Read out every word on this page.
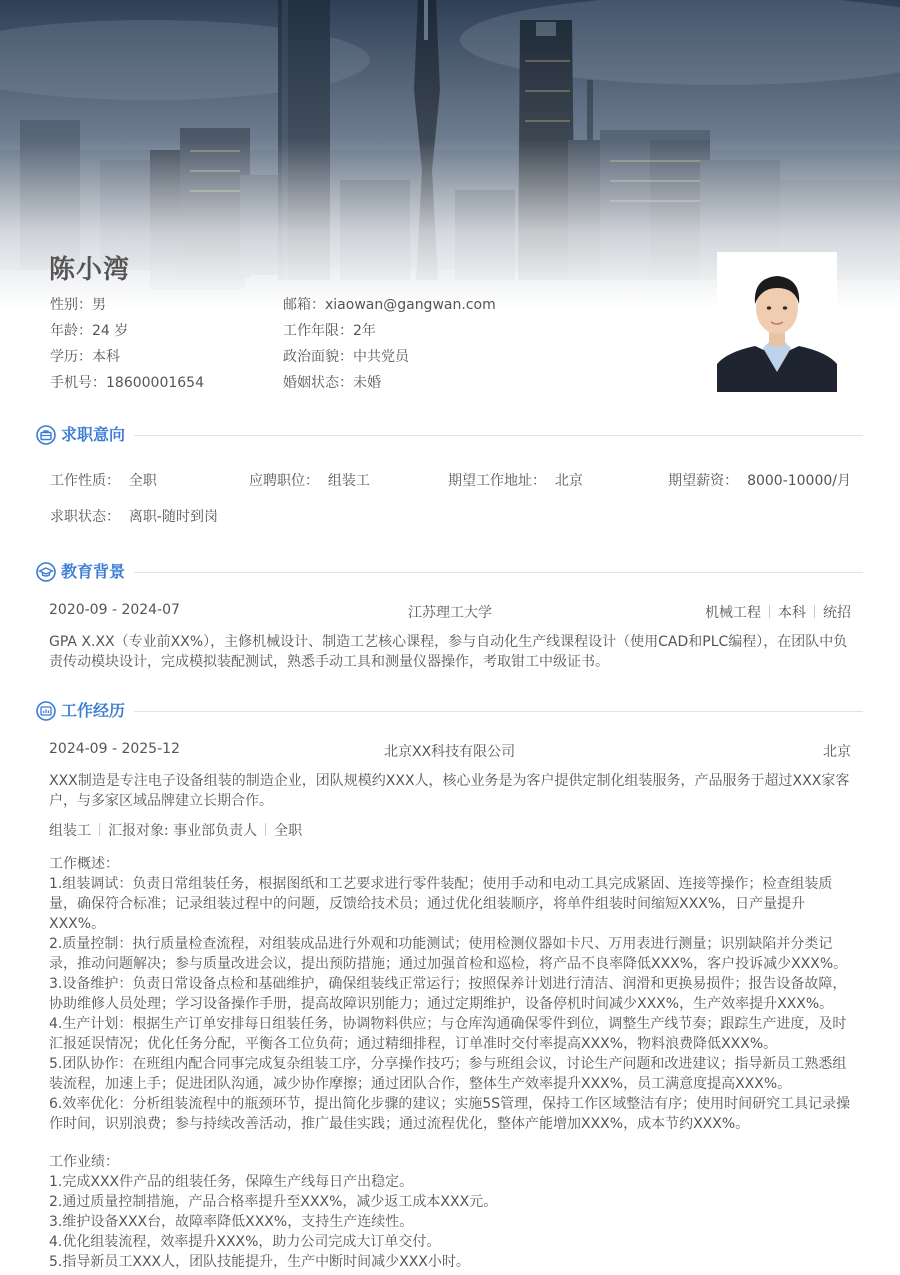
陈小湾
性别：男
年龄：24 岁
学历：本科
手机号：18600001654
邮箱：xiaowan@gangwan.com
工作年限：2年
政治面貌：中共党员
婚姻状态：未婚
求职意向
工作性质： 全职	应聘职位： 组装工	期望工作地址： 北京	期望薪资： 8000-10000/月
求职状态： 离职-随时到岗
教育背景
2020-09 - 2024-07	江苏理工大学	机械工程 本科 统招
GPA X.XX（专业前XX%），主修机械设计、制造工艺核心课程，参与自动化生产线课程设计（使用CAD和PLC编程），在团队中负责传动模块设计，完成模拟装配测试，熟悉手动工具和测量仪器操作，考取钳工中级证书。
工作经历
2024-09 - 2025-12	北京XX科技有限公司	北京
XXX制造是专注电子设备组装的制造企业，团队规模约XXX人，核心业务是为客户提供定制化组装服务，产品服务于超过XXX家客户，与多家区域品牌建立长期合作。
组装工 汇报对象: 事业部负责人 全职
工作概述：
1.组装调试：负责日常组装任务，根据图纸和工艺要求进行零件装配；使用手动和电动工具完成紧固、连接等操作；检查组装质量，确保符合标准；记录组装过程中的问题，反馈给技术员；通过优化组装顺序，将单件组装时间缩短XXX%，日产量提升XXX%。
2.质量控制：执行质量检查流程，对组装成品进行外观和功能测试；使用检测仪器如卡尺、万用表进行测量；识别缺陷并分类记录，推动问题解决；参与质量改进会议，提出预防措施；通过加强首检和巡检，将产品不良率降低XXX%，客户投诉减少XXX%。
3.设备维护：负责日常设备点检和基础维护，确保组装线正常运行；按照保养计划进行清洁、润滑和更换易损件；报告设备故障，协助维修人员处理；学习设备操作手册，提高故障识别能力；通过定期维护，设备停机时间减少XXX%，生产效率提升XXX%。
4.生产计划：根据生产订单安排每日组装任务，协调物料供应；与仓库沟通确保零件到位，调整生产线节奏；跟踪生产进度，及时汇报延误情况；优化任务分配，平衡各工位负荷；通过精细排程，订单准时交付率提高XXX%，物料浪费降低XXX%。
5.团队协作：在班组内配合同事完成复杂组装工序，分享操作技巧；参与班组会议，讨论生产问题和改进建议；指导新员工熟悉组装流程，加速上手；促进团队沟通，减少协作摩擦；通过团队合作，整体生产效率提升XXX%，员工满意度提高XXX%。
6.效率优化：分析组装流程中的瓶颈环节，提出简化步骤的建议；实施5S管理，保持工作区域整洁有序；使用时间研究工具记录操作时间，识别浪费；参与持续改善活动，推广最佳实践；通过流程优化，整体产能增加XXX%，成本节约XXX%。
工作业绩：
1.完成XXX件产品的组装任务，保障生产线每日产出稳定。
2.通过质量控制措施，产品合格率提升至XXX%，减少返工成本XXX元。
3.维护设备XXX台，故障率降低XXX%，支持生产连续性。
4.优化组装流程，效率提升XXX%，助力公司完成大订单交付。
5.指导新员工XXX人，团队技能提升，生产中断时间减少XXX小时。
